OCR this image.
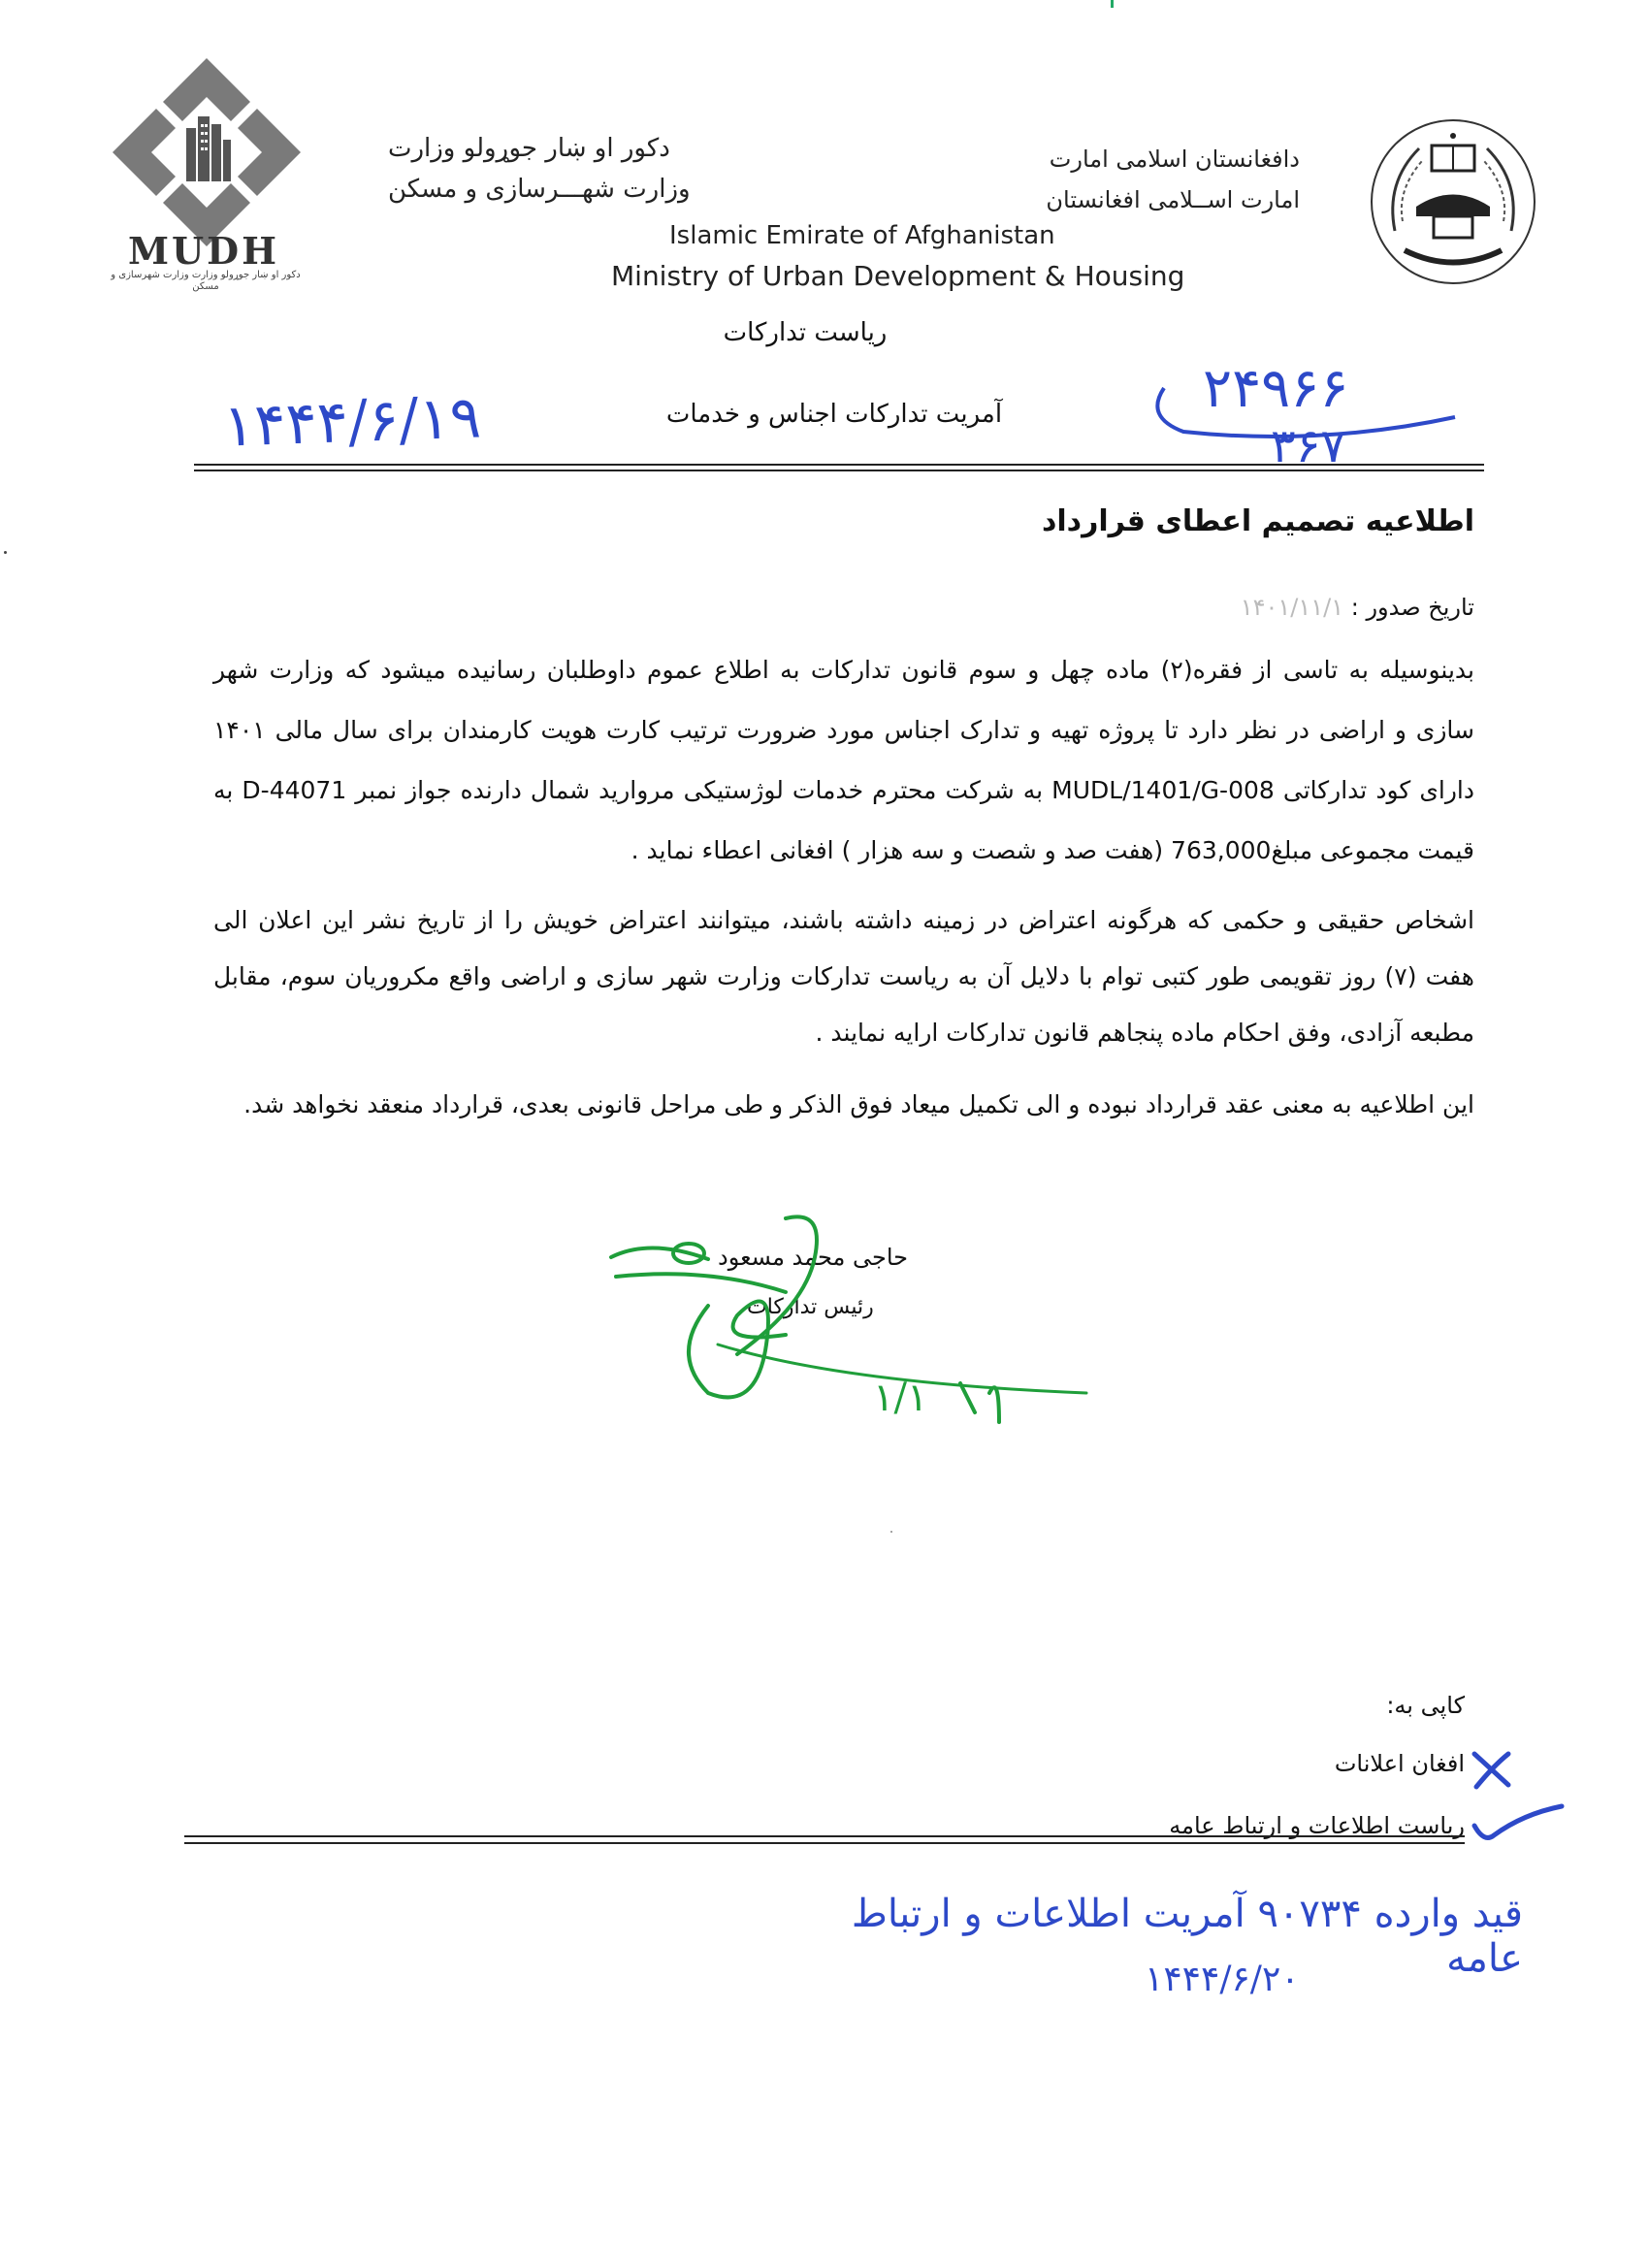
MUDH
دکور او ښار جوړولو وزارت وزارت شهرسازی و مسکن
دکور او ښار جوړولو وزارت
وزارت شهـــرسازی و مسکن
دافغانستان اسلامی امارت
امارت اســلامی افغانستان
Islamic Emirate of Afghanistan
Ministry of Urban Development & Housing
ریاست تدارکات
آمریت تدارکات اجناس و خدمات
۱۴۴۴/۶/۱۹	۲۴۹۶۶
۳۶۷
اطلاعیه تصمیم اعطای قرارداد
تاریخ صدور : ۱۴۰۱/۱۱/۱
بدینوسیله به تاسی از فقره(۲) ماده چهل و سوم قانون تدارکات به اطلاع عموم داوطلبان رسانیده میشود که وزارت شهر سازی و اراضی در نظر دارد تا پروژه تهیه و تدارک اجناس مورد ضرورت ترتیب کارت هویت کارمندان برای سال مالی ۱۴۰۱ دارای کود تدارکاتی MUDL/1401/G-008 به شرکت محترم خدمات لوژستیکی مروارید شمال دارنده جواز نمبر D-44071 به قیمت مجموعی مبلغ763,000 (هفت صد و شصت و سه هزار ) افغانی اعطاء نماید .
اشخاص حقیقی و حکمی که هرگونه اعتراض در زمینه داشته باشند، میتوانند اعتراض خویش را از تاریخ نشر این اعلان الی هفت (۷) روز تقویمی طور کتبی توام با دلایل آن به ریاست تدارکات وزارت شهر سازی و اراضی واقع مکروریان سوم، مقابل مطبعه آزادی، وفق احکام ماده پنجاهم قانون تدارکات ارایه نمایند .
این اطلاعیه به معنی عقد قرارداد نبوده و الی تکمیل میعاد فوق الذکر و طی مراحل قانونی بعدی، قرارداد منعقد نخواهد شد.
حاجی محمد مسعود
رئیس تدارکات
۱/۱
کاپی به:
افغان اعلانات
ریاست اطلاعات و ارتباط عامه
قید وارده ۹۰۷۳۴ آمریت اطلاعات و ارتباط عامه
۱۴۴۴/۶/۲۰
